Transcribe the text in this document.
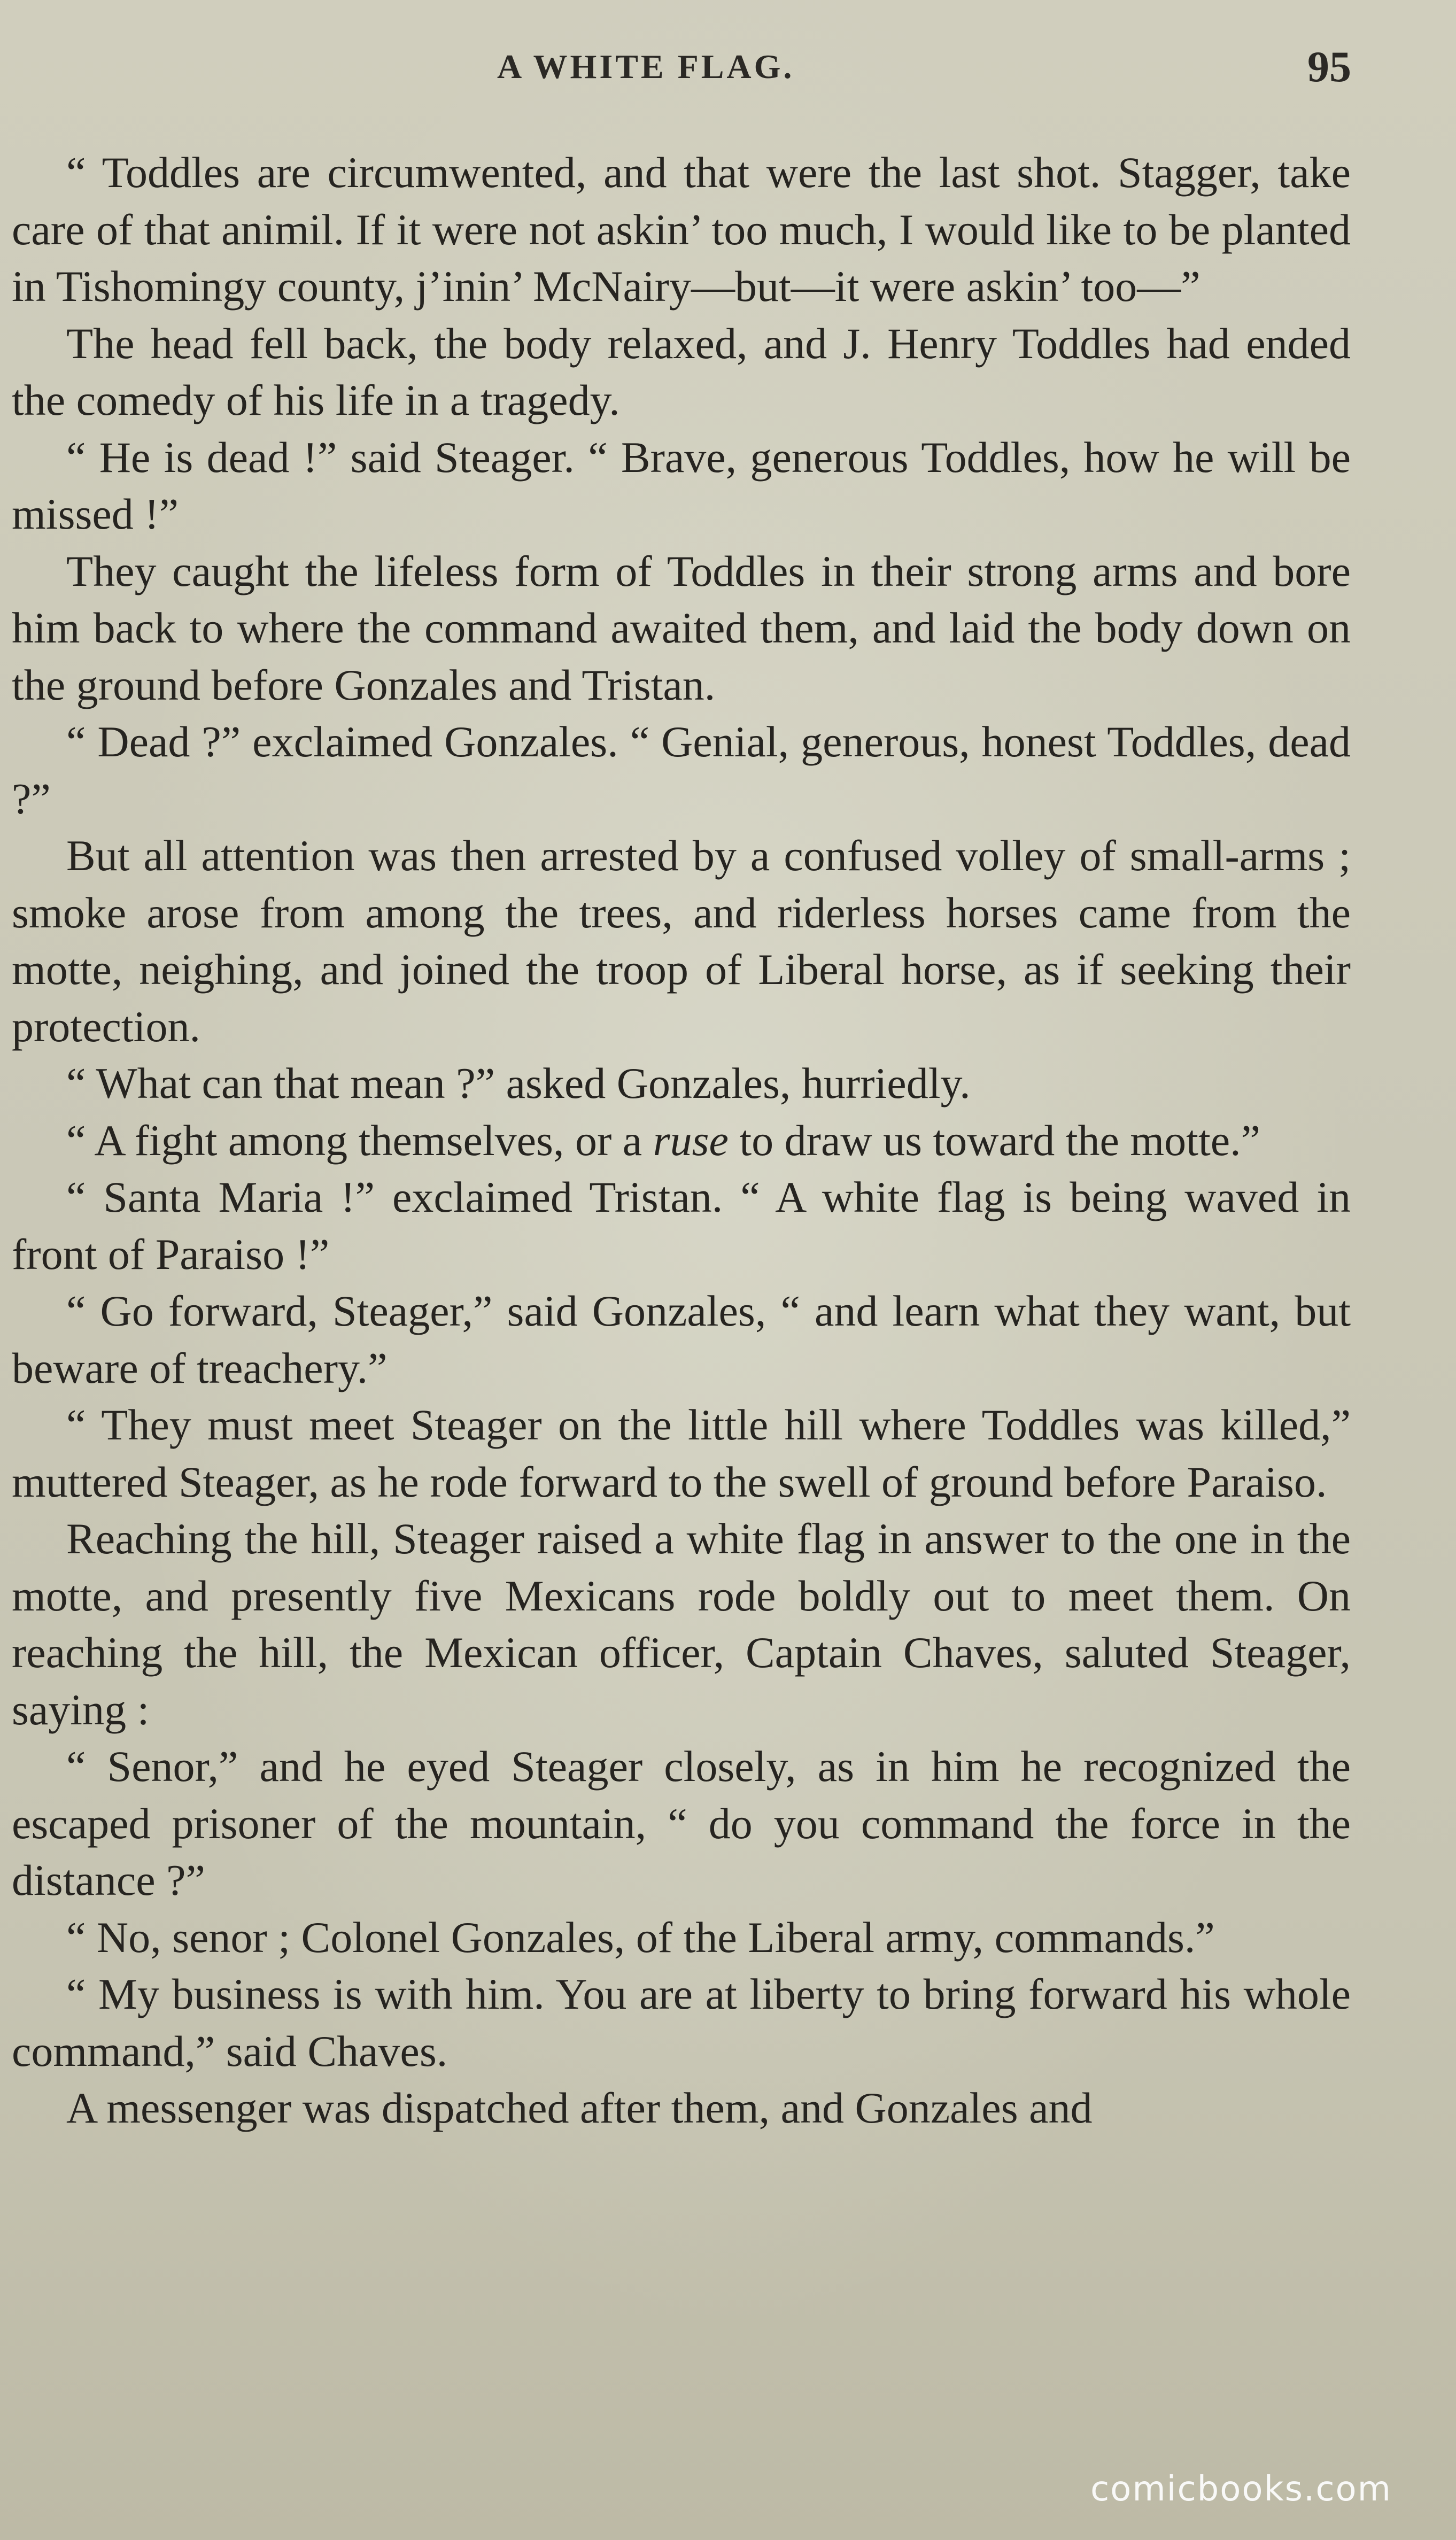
A WHITE FLAG.	95

“ Toddles are circumwented, and that were the last shot. Stagger, take care of that animil. If it were not askin’ too much, I would like to be planted in Tishomingy county, j’inin’ McNairy—but—it were askin’ too—”

The head fell back, the body relaxed, and J. Henry Toddles had ended the comedy of his life in a tragedy.

“ He is dead !” said Steager. “ Brave, generous Toddles, how he will be missed !”

They caught the lifeless form of Toddles in their strong arms and bore him back to where the command awaited them, and laid the body down on the ground before Gonzales and Tristan.

“ Dead ?” exclaimed Gonzales. “ Genial, generous, honest Toddles, dead ?”

But all attention was then arrested by a confused volley of small-arms ; smoke arose from among the trees, and riderless horses came from the motte, neighing, and joined the troop of Liberal horse, as if seeking their protection.

“ What can that mean ?” asked Gonzales, hurriedly.

“ A fight among themselves, or a ruse to draw us toward the motte.”

“ Santa Maria !” exclaimed Tristan. “ A white flag is being waved in front of Paraiso !”

“ Go forward, Steager,” said Gonzales, “ and learn what they want, but beware of treachery.”

“ They must meet Steager on the little hill where Toddles was killed,” muttered Steager, as he rode forward to the swell of ground before Paraiso.

Reaching the hill, Steager raised a white flag in answer to the one in the motte, and presently five Mexicans rode boldly out to meet them. On reaching the hill, the Mexican officer, Captain Chaves, saluted Steager, saying :

“ Senor,” and he eyed Steager closely, as in him he recognized the escaped prisoner of the mountain, “ do you command the force in the distance ?”

“ No, senor ; Colonel Gonzales, of the Liberal army, commands.”

“ My business is with him. You are at liberty to bring forward his whole command,” said Chaves.

A messenger was dispatched after them, and Gonzales and

comicbooks.com
